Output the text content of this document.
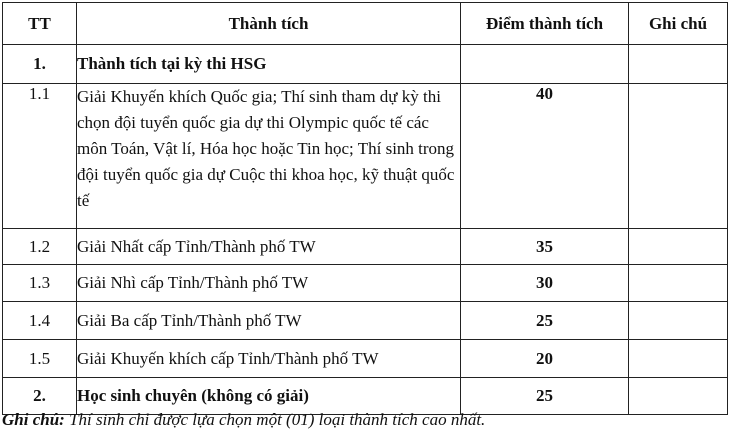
TT	Thành tích	Điểm thành tích	Ghi chú
1.	Thành tích tại kỳ thi HSG		
1.1	Giải Khuyến khích Quốc gia; Thí sinh tham dự kỳ thi chọn đội tuyển quốc gia dự thi Olympic quốc tế các môn Toán, Vật lí, Hóa học hoặc Tin học; Thí sinh trong đội tuyển quốc gia dự Cuộc thi khoa học, kỹ thuật quốc tế	40	
1.2	Giải Nhất cấp Tỉnh/Thành phố TW	35	
1.3	Giải Nhì cấp Tỉnh/Thành phố TW	30	
1.4	Giải Ba cấp Tỉnh/Thành phố TW	25	
1.5	Giải Khuyến khích cấp Tỉnh/Thành phố TW	20	
2.	Học sinh chuyên (không có giải)	25	
Ghi chú: Thí sinh chỉ được lựa chọn một (01) loại thành tích cao nhất.
